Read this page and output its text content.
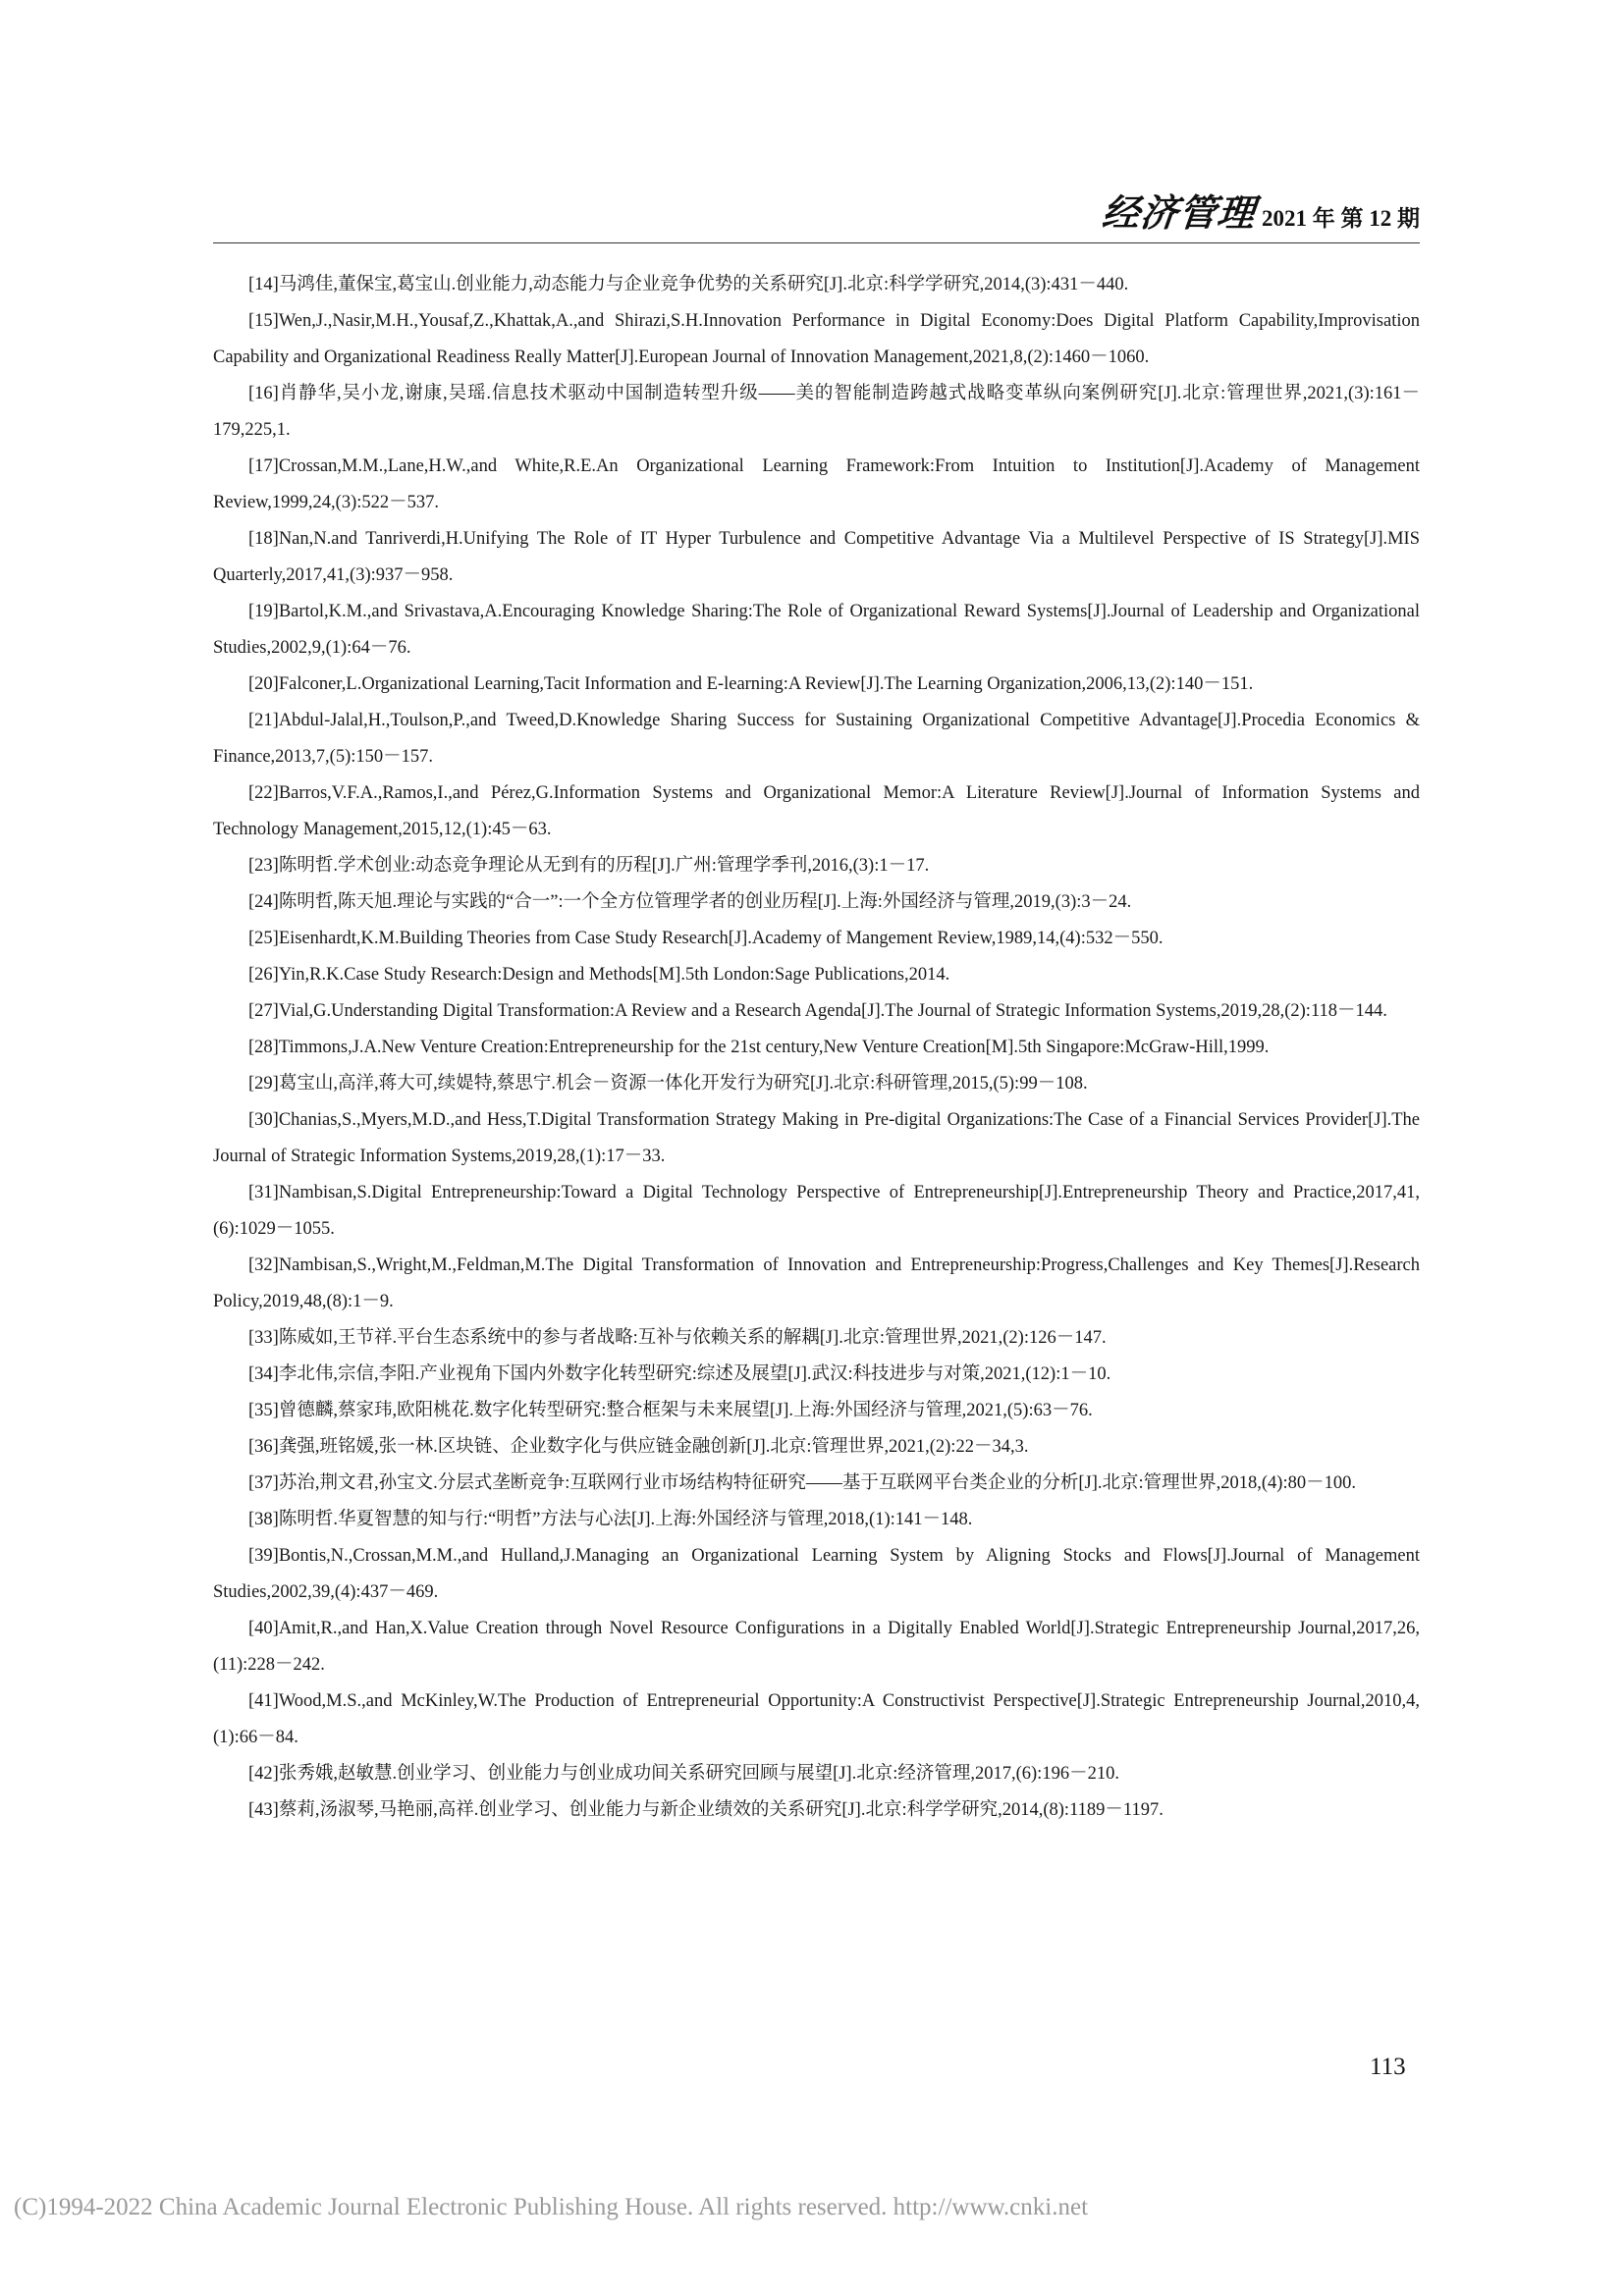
经济管理 2021 年 第 12 期

[14]马鸿佳,董保宝,葛宝山.创业能力,动态能力与企业竞争优势的关系研究[J].北京:科学学研究,2014,(3):431－440.

[15]Wen,J.,Nasir,M.H.,Yousaf,Z.,Khattak,A.,and Shirazi,S.H.Innovation Performance in Digital Economy:Does Digital Platform Capability,Improvisation Capability and Organizational Readiness Really Matter[J].European Journal of Innovation Management,2021,8,(2):1460－1060.

[16]肖静华,吴小龙,谢康,吴瑶.信息技术驱动中国制造转型升级——美的智能制造跨越式战略变革纵向案例研究[J].北京:管理世界,2021,(3):161－179,225,1.

[17]Crossan,M.M.,Lane,H.W.,and White,R.E.An Organizational Learning Framework:From Intuition to Institution[J].Academy of Management Review,1999,24,(3):522－537.

[18]Nan,N.and Tanriverdi,H.Unifying The Role of IT Hyper Turbulence and Competitive Advantage Via a Multilevel Perspective of IS Strategy[J].MIS Quarterly,2017,41,(3):937－958.

[19]Bartol,K.M.,and Srivastava,A.Encouraging Knowledge Sharing:The Role of Organizational Reward Systems[J].Journal of Leadership and Organizational Studies,2002,9,(1):64－76.

[20]Falconer,L.Organizational Learning,Tacit Information and E-learning:A Review[J].The Learning Organization,2006,13,(2):140－151.

[21]Abdul-Jalal,H.,Toulson,P.,and Tweed,D.Knowledge Sharing Success for Sustaining Organizational Competitive Advantage[J].Procedia Economics & Finance,2013,7,(5):150－157.

[22]Barros,V.F.A.,Ramos,I.,and Pérez,G.Information Systems and Organizational Memor:A Literature Review[J].Journal of Information Systems and Technology Management,2015,12,(1):45－63.

[23]陈明哲.学术创业:动态竞争理论从无到有的历程[J].广州:管理学季刊,2016,(3):1－17.

[24]陈明哲,陈天旭.理论与实践的“合一”:一个全方位管理学者的创业历程[J].上海:外国经济与管理,2019,(3):3－24.

[25]Eisenhardt,K.M.Building Theories from Case Study Research[J].Academy of Mangement Review,1989,14,(4):532－550.

[26]Yin,R.K.Case Study Research:Design and Methods[M].5th London:Sage Publications,2014.

[27]Vial,G.Understanding Digital Transformation:A Review and a Research Agenda[J].The Journal of Strategic Information Systems,2019,28,(2):118－144.

[28]Timmons,J.A.New Venture Creation:Entrepreneurship for the 21st century,New Venture Creation[M].5th Singapore:McGraw-Hill,1999.

[29]葛宝山,高洋,蒋大可,续媞特,蔡思宁.机会－资源一体化开发行为研究[J].北京:科研管理,2015,(5):99－108.

[30]Chanias,S.,Myers,M.D.,and Hess,T.Digital Transformation Strategy Making in Pre-digital Organizations:The Case of a Financial Services Provider[J].The Journal of Strategic Information Systems,2019,28,(1):17－33.

[31]Nambisan,S.Digital Entrepreneurship:Toward a Digital Technology Perspective of Entrepreneurship[J].Entrepreneurship Theory and Practice,2017,41,(6):1029－1055.

[32]Nambisan,S.,Wright,M.,Feldman,M.The Digital Transformation of Innovation and Entrepreneurship:Progress,Challenges and Key Themes[J].Research Policy,2019,48,(8):1－9.

[33]陈威如,王节祥.平台生态系统中的参与者战略:互补与依赖关系的解耦[J].北京:管理世界,2021,(2):126－147.

[34]李北伟,宗信,李阳.产业视角下国内外数字化转型研究:综述及展望[J].武汉:科技进步与对策,2021,(12):1－10.

[35]曾德麟,蔡家玮,欧阳桃花.数字化转型研究:整合框架与未来展望[J].上海:外国经济与管理,2021,(5):63－76.

[36]龚强,班铭媛,张一林.区块链、企业数字化与供应链金融创新[J].北京:管理世界,2021,(2):22－34,3.

[37]苏治,荆文君,孙宝文.分层式垄断竞争:互联网行业市场结构特征研究——基于互联网平台类企业的分析[J].北京:管理世界,2018,(4):80－100.

[38]陈明哲.华夏智慧的知与行:“明哲”方法与心法[J].上海:外国经济与管理,2018,(1):141－148.

[39]Bontis,N.,Crossan,M.M.,and Hulland,J.Managing an Organizational Learning System by Aligning Stocks and Flows[J].Journal of Management Studies,2002,39,(4):437－469.

[40]Amit,R.,and Han,X.Value Creation through Novel Resource Configurations in a Digitally Enabled World[J].Strategic Entrepreneurship Journal,2017,26,(11):228－242.

[41]Wood,M.S.,and McKinley,W.The Production of Entrepreneurial Opportunity:A Constructivist Perspective[J].Strategic Entrepreneurship Journal,2010,4,(1):66－84.

[42]张秀娥,赵敏慧.创业学习、创业能力与创业成功间关系研究回顾与展望[J].北京:经济管理,2017,(6):196－210.

[43]蔡莉,汤淑琴,马艳丽,高祥.创业学习、创业能力与新企业绩效的关系研究[J].北京:科学学研究,2014,(8):1189－1197.

113
(C)1994-2022 China Academic Journal Electronic Publishing House. All rights reserved. http://www.cnki.net
